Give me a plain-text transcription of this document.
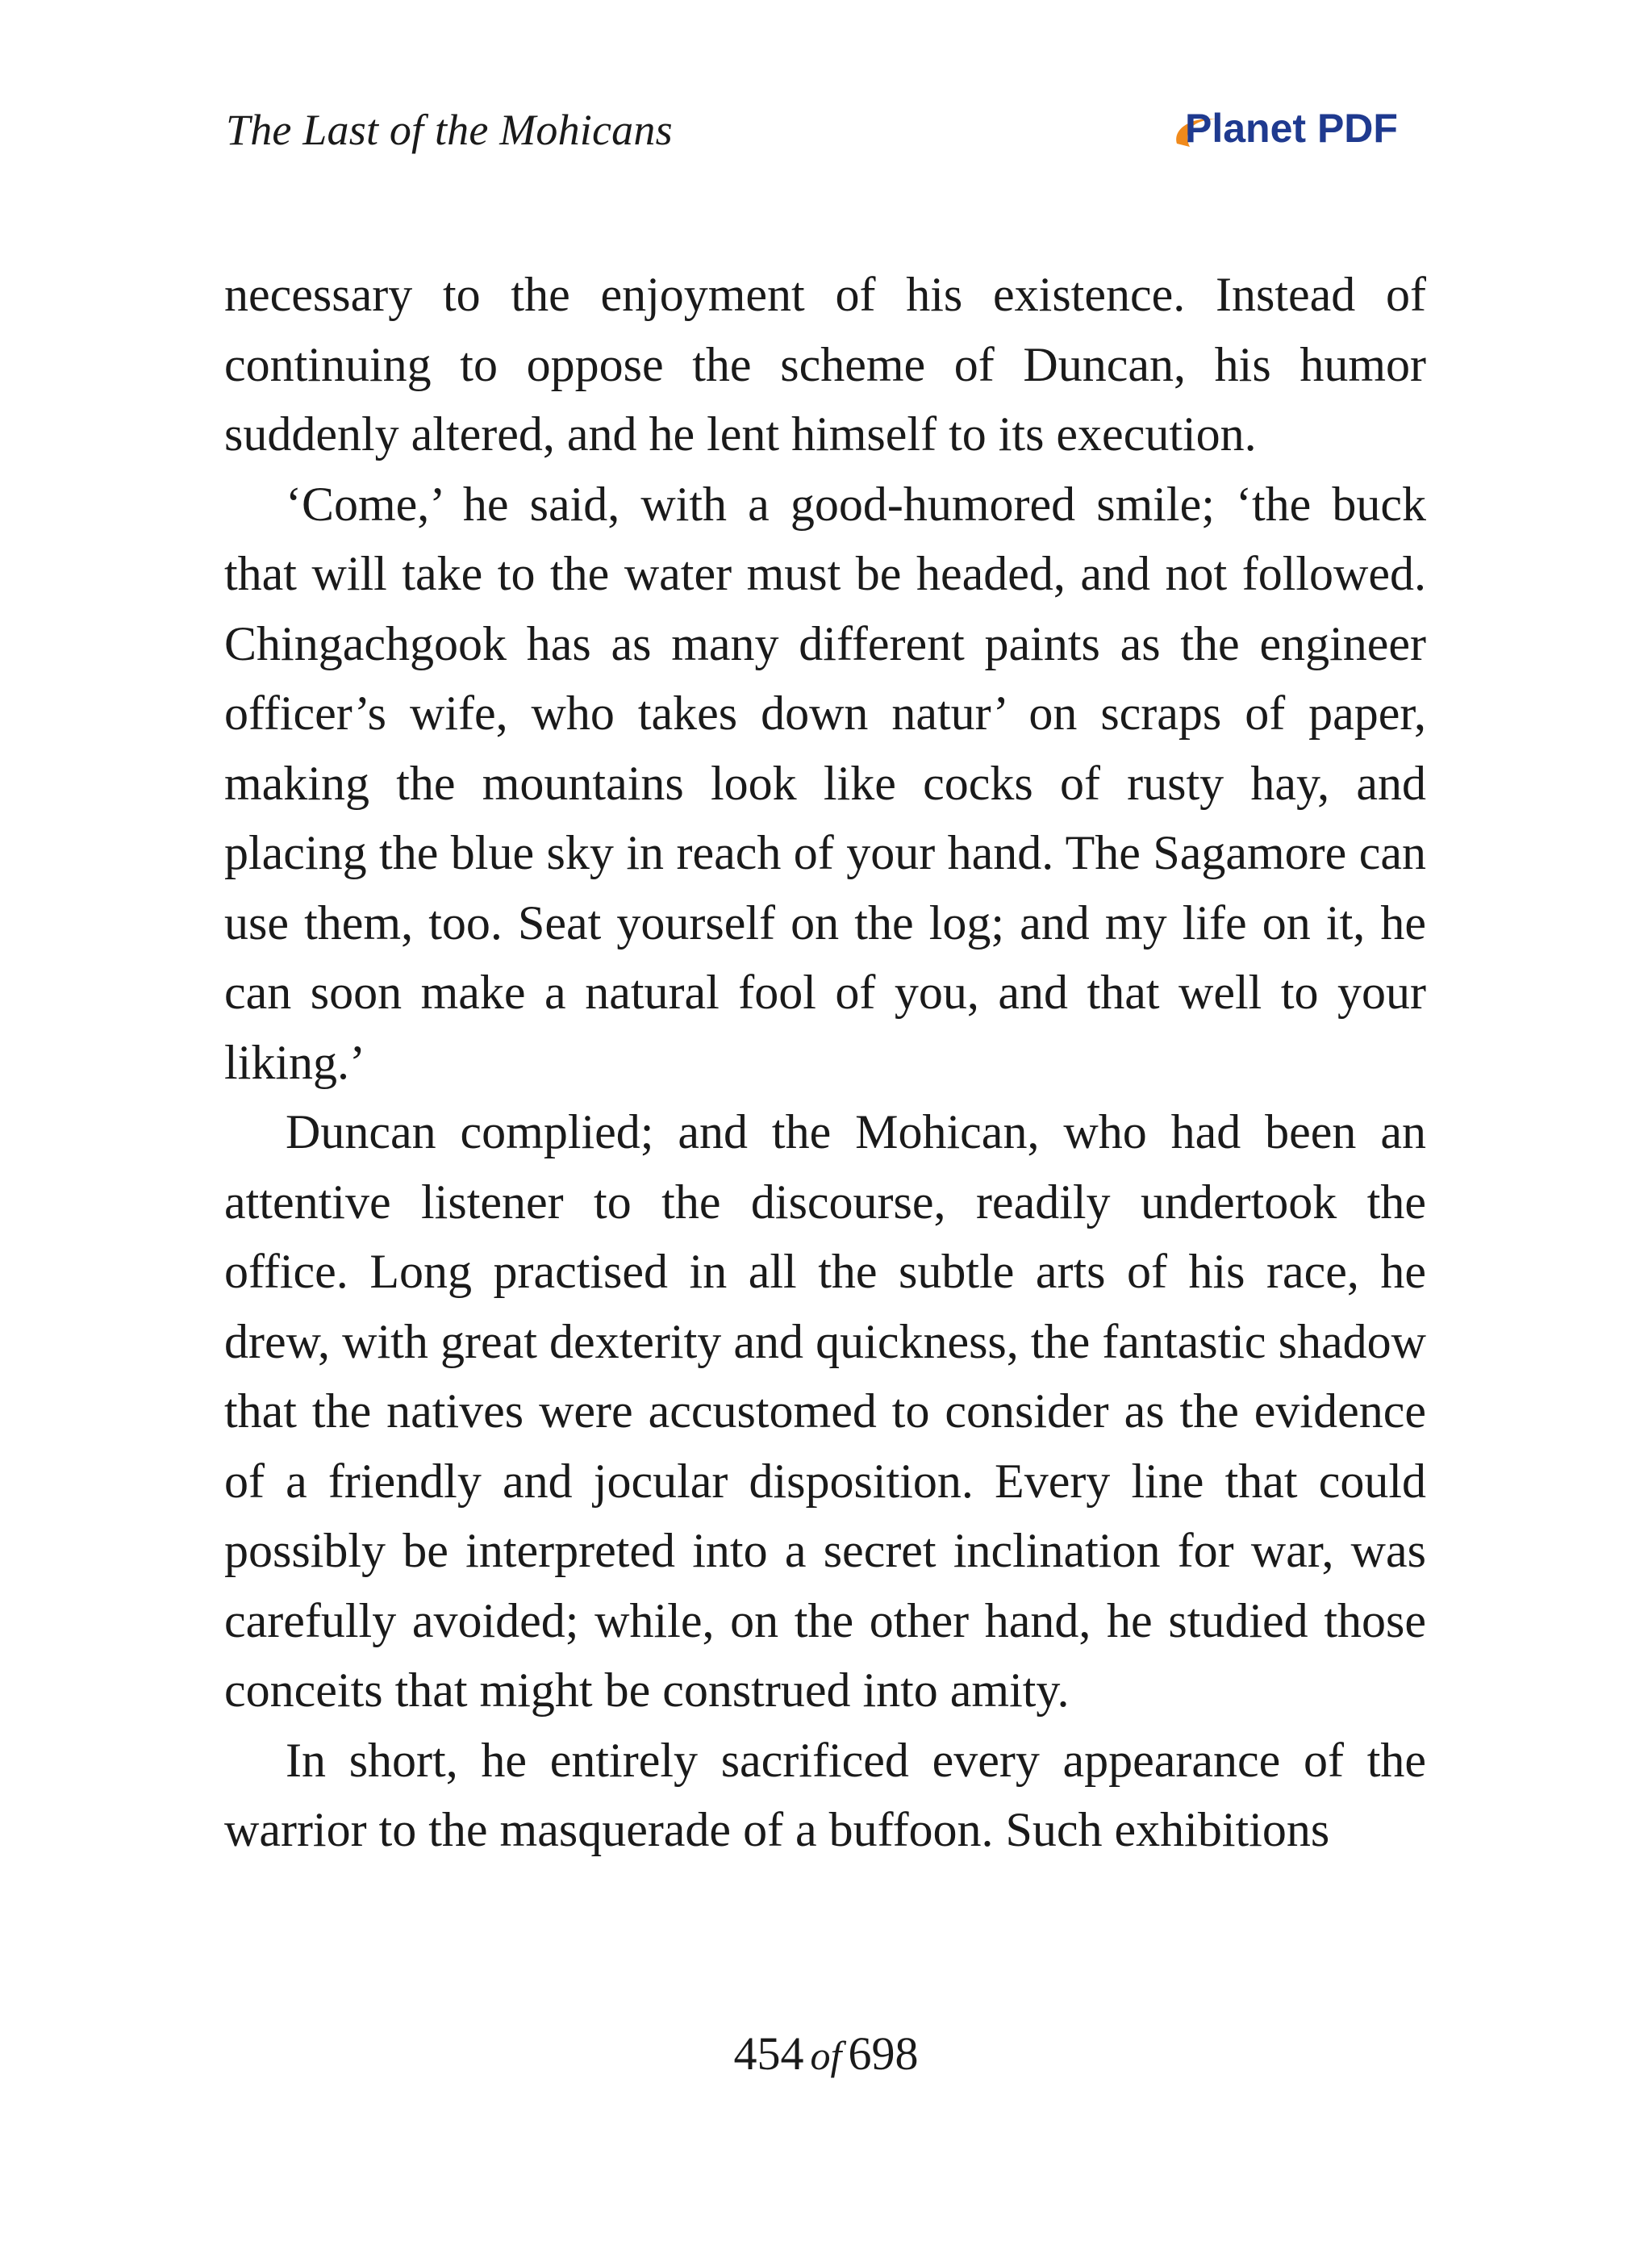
The Last of the Mohicans	Planet PDF

necessary to the enjoyment of his existence. Instead of continuing to oppose the scheme of Duncan, his humor suddenly altered, and he lent himself to its execution.

‘Come,’ he said, with a good-humored smile; ‘the buck that will take to the water must be headed, and not followed. Chingachgook has as many different paints as the engineer officer’s wife, who takes down natur’ on scraps of paper, making the mountains look like cocks of rusty hay, and placing the blue sky in reach of your hand. The Sagamore can use them, too. Seat yourself on the log; and my life on it, he can soon make a natural fool of you, and that well to your liking.’

Duncan complied; and the Mohican, who had been an attentive listener to the discourse, readily undertook the office. Long practised in all the subtle arts of his race, he drew, with great dexterity and quickness, the fantastic shadow that the natives were accustomed to consider as the evidence of a friendly and jocular disposition. Every line that could possibly be interpreted into a secret inclination for war, was carefully avoided; while, on the other hand, he studied those conceits that might be construed into amity.

In short, he entirely sacrificed every appearance of the warrior to the masquerade of a buffoon. Such exhibitions

454 of 698
